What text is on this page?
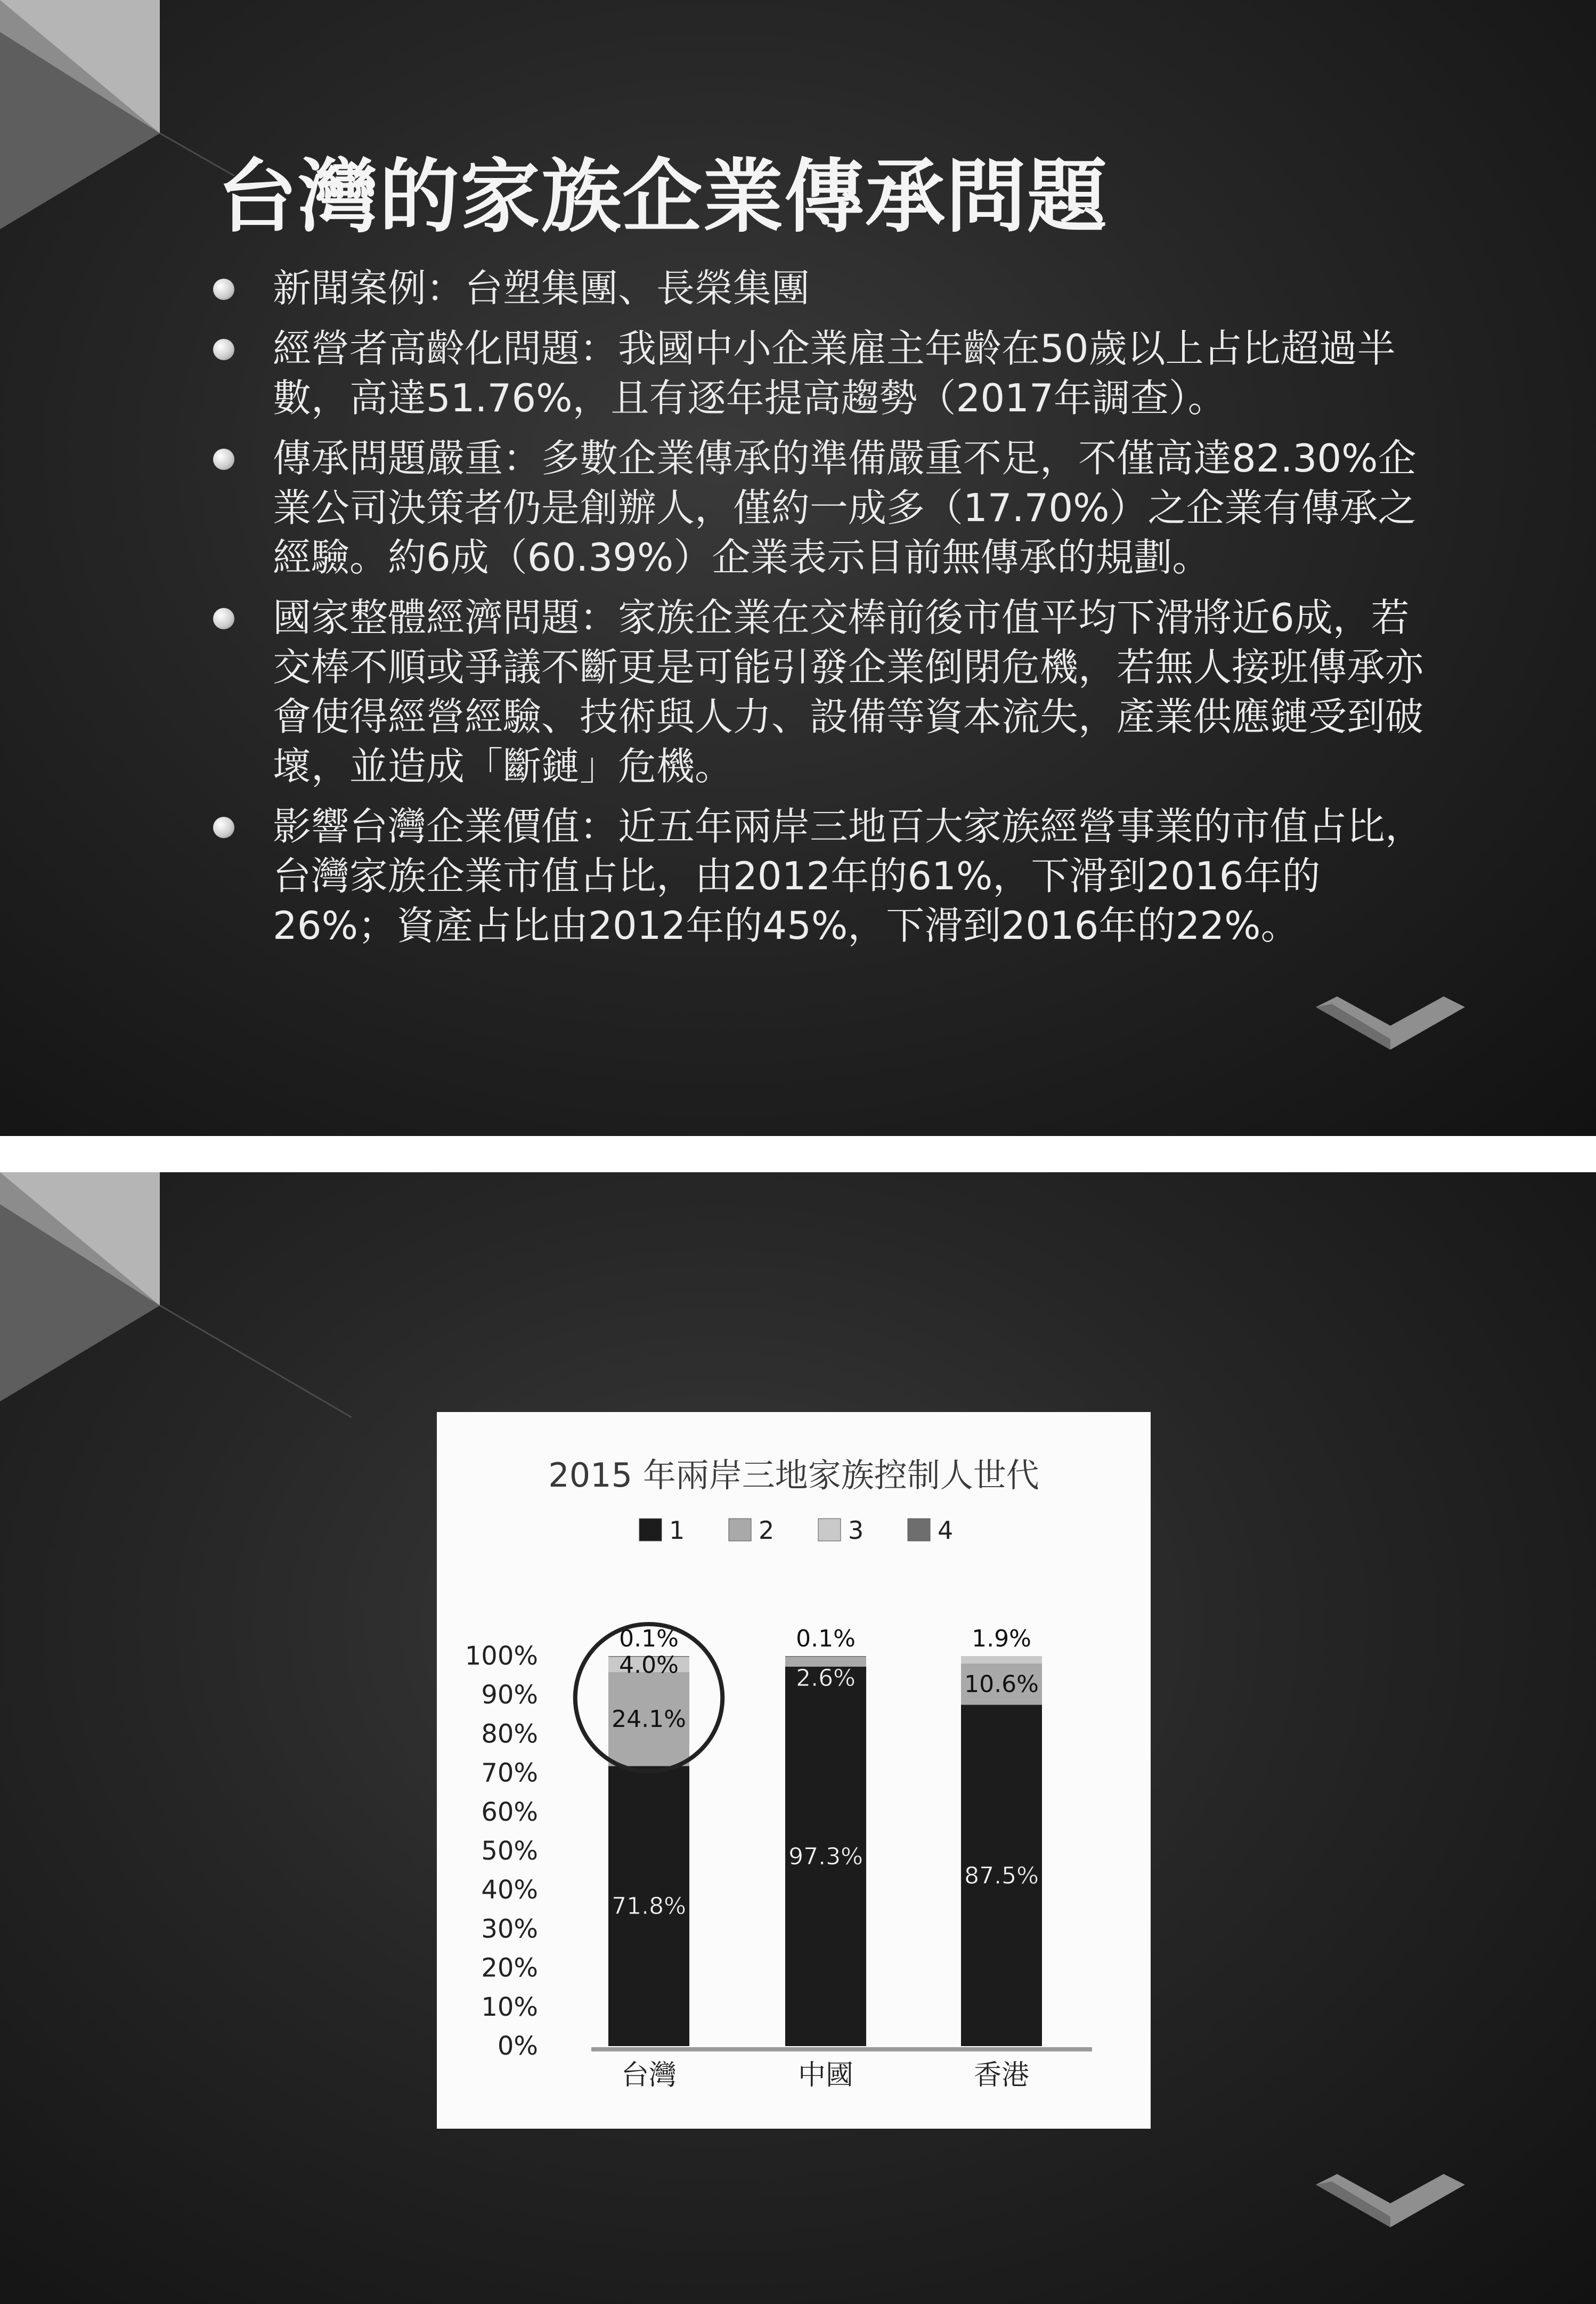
台灣的家族企業傳承問題
新聞案例：台塑集團、長榮集團
經營者高齡化問題：我國中小企業雇主年齡在50歲以上占比超過半數，高達51.76%，且有逐年提高趨勢（2017年調查）。
傳承問題嚴重：多數企業傳承的準備嚴重不足，不僅高達82.30%企業公司決策者仍是創辦人，僅約一成多（17.70%）之企業有傳承之經驗。約6成（60.39%）企業表示目前無傳承的規劃。
國家整體經濟問題：家族企業在交棒前後市值平均下滑將近6成，若交棒不順或爭議不斷更是可能引發企業倒閉危機，若無人接班傳承亦會使得經營經驗、技術與人力、設備等資本流失，產業供應鏈受到破壞，並造成「斷鏈」危機。
影響台灣企業價值：近五年兩岸三地百大家族經營事業的市值占比，台灣家族企業市值占比，由2012年的61%，下滑到2016年的26%；資產占比由2012年的45%，下滑到2016年的22%。
2015 年兩岸三地家族控制人世代
1	2	3	4
0%
10%
20%
30%
40%
50%
60%
70%
80%
90%
100%
台灣	中國	香港
71.8%
24.1%
4.0%
0.1%
97.3%
2.6%
0.1%
87.5%
10.6%
1.9%
